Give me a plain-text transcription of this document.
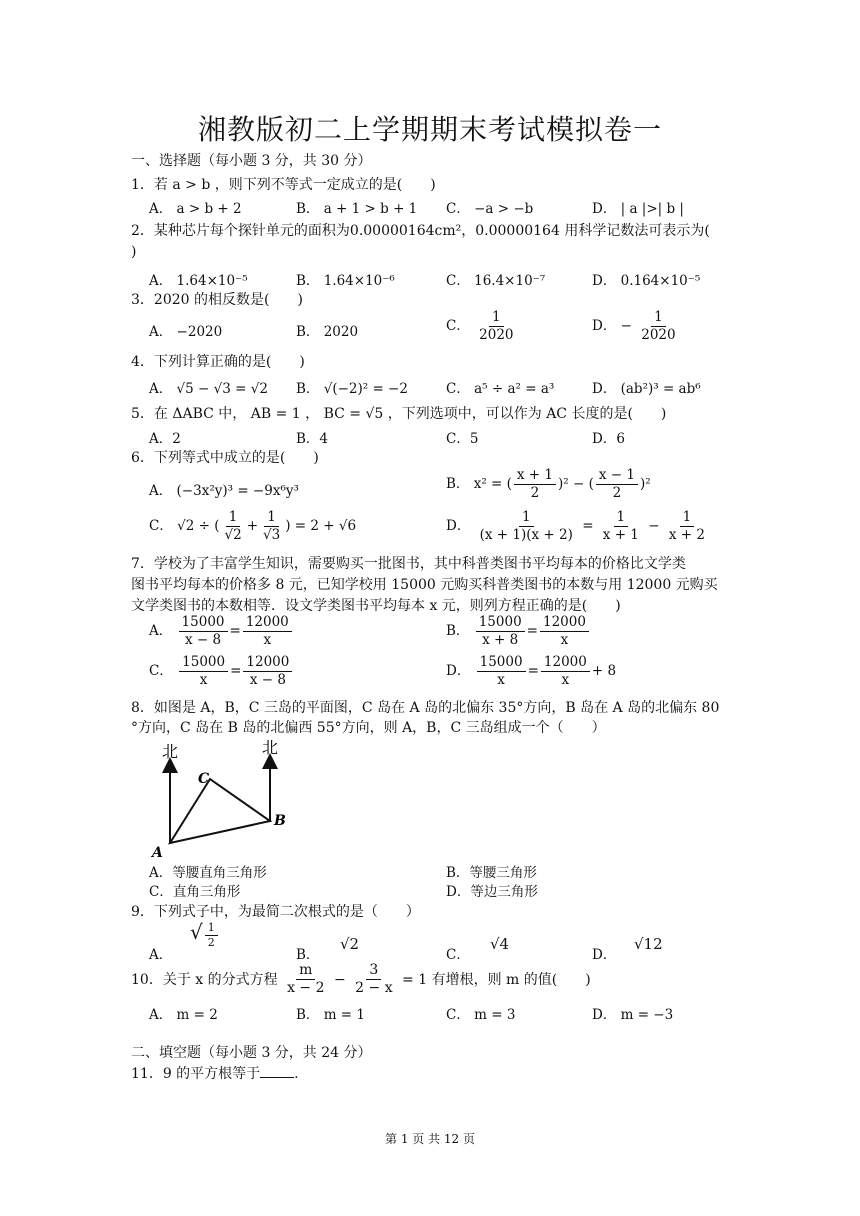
湘教版初二上学期期末考试模拟卷一
一、选择题（每小题 3 分，共 30 分）
1．若 a > b ，则下列不等式一定成立的是(　　)
A． a > b + 2	B． a + 1 > b + 1 C． −a > −b	D． | a |>| b |
2．某种芯片每个探针单元的面积为0.00000164cm²，0.00000164 用科学记数法可表示为(
)
A． 1.64×10⁻⁵	B． 1.64×10⁻⁶	C． 16.4×10⁻⁷	D． 0.164×10⁻⁵
3．2020 的相反数是(　　)
A． −2020	B． 2020	C． $\frac{1}{2020}$	D． − $\frac{1}{2020}$
4．下列计算正确的是(　　)
A． √5 − √3 = √2 B． √(−2)² = −2	C． a⁵ ÷ a² = a³	D． (ab²)³ = ab⁶
5．在 ΔABC 中， AB = 1 ， BC = √5 ，下列选项中，可以作为 AC 长度的是(　　)
A．2	B．4	C．5	D．6
6．下列等式中成立的是(　　)
A． (−3x²y)³ = −9x⁶y³	B． x² = ( $\frac{x + 1}{2} )^2$ − ( $\frac{x - 1}{2} )^2$
C． √2 ÷ ( $\frac{1}{√2} + \frac{1}{√3}$ ) = 2 + √6	D． $\frac{1}{(x + 1)(x + 2)} = \frac{1}{x + 1} - \frac{1}{x + 2}$
7．学校为了丰富学生知识，需要购买一批图书，其中科普类图书平均每本的价格比文学类
图书平均每本的价格多 8 元，已知学校用 15000 元购买科普类图书的本数与用 12000 元购买
文学类图书的本数相等．设文学类图书平均每本 x 元，则列方程正确的是(　　)
A． $\frac{15000}{x - 8} = \frac{12000}{x}$	B． $\frac{15000}{x + 8} = \frac{12000}{x}$
C． $\frac{15000}{x} = \frac{12000}{x - 8}$	D． $\frac{15000}{x} = \frac{12000}{x} + 8$
8．如图是 A，B，C 三岛的平面图，C 岛在 A 岛的北偏东 35°方向，B 岛在 A 岛的北偏东 80
°方向，C 岛在 B 岛的北偏西 55°方向，则 A，B，C 三岛组成一个（　　）
北	北
A
B
C
A．等腰直角三角形	B．等腰三角形
C．直角三角形	D．等边三角形
9．下列式子中，为最简二次根式的是（　　）
A．
√ $\frac{1}{2}$
B．
√2
C．
√4
D．
√12
10．关于 x 的分式方程 $\frac{m}{x - 2} - \frac{3}{2 - x} = 1$ 有增根，则 m 的值(　　)
A． m = 2	B． m = 1	C． m = 3	D． m = −3
二、填空题（每小题 3 分，共 24 分）
11．9 的平方根等于 .
第 1 页 共 12 页
